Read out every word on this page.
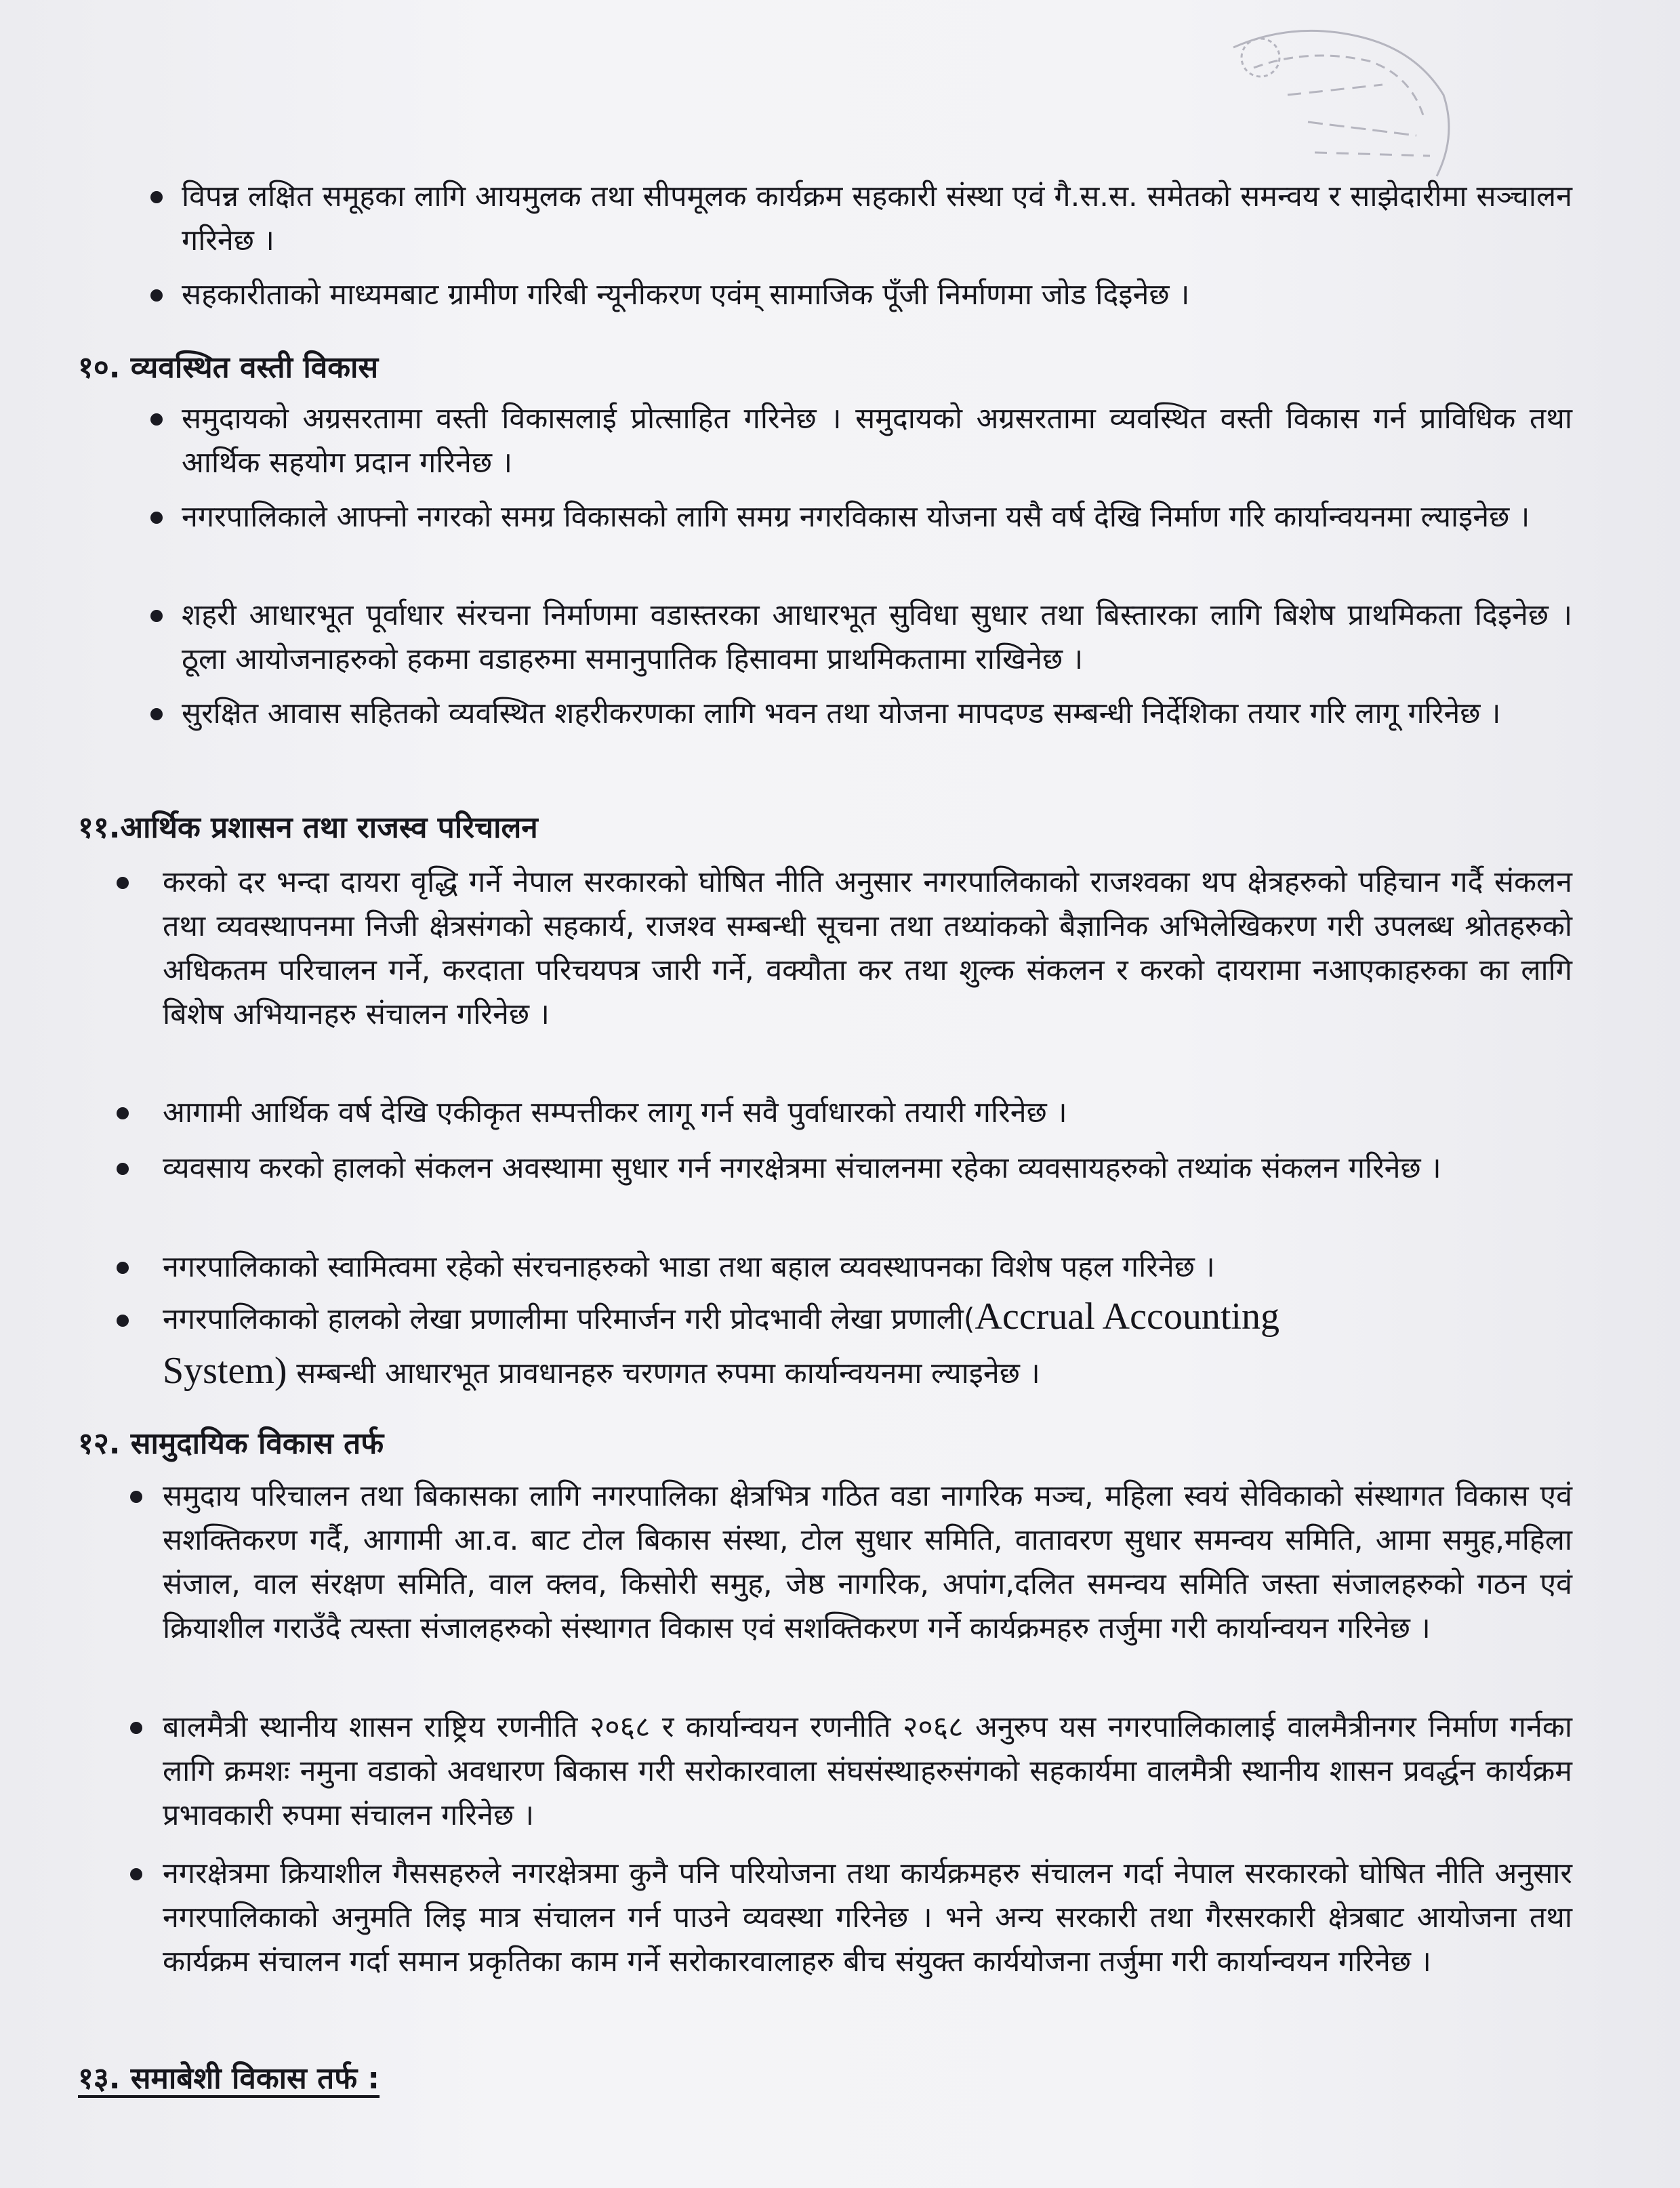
विपन्न लक्षित समूहका लागि आयमुलक तथा सीपमूलक कार्यक्रम सहकारी संस्था एवं गै.स.स. समेतको समन्वय र साझेदारीमा सञ्चालन गरिनेछ ।
सहकारीताको माध्यमबाट ग्रामीण गरिबी न्यूनीकरण एवंम् सामाजिक पूँजी निर्माणमा जोड दिइनेछ ।
१०. व्यवस्थित वस्ती विकास
समुदायको अग्रसरतामा वस्ती विकासलाई प्रोत्साहित गरिनेछ । समुदायको अग्रसरतामा व्यवस्थित वस्ती विकास गर्न प्राविधिक तथा आर्थिक सहयोग प्रदान गरिनेछ ।
नगरपालिकाले आफ्नो नगरको समग्र विकासको लागि समग्र नगरविकास योजना यसै वर्ष देखि निर्माण गरि कार्यान्वयनमा ल्याइनेछ ।
शहरी आधारभूत पूर्वाधार संरचना निर्माणमा वडास्तरका आधारभूत सुविधा सुधार तथा बिस्तारका लागि बिशेष प्राथमिकता दिइनेछ । ठूला आयोजनाहरुको हकमा वडाहरुमा समानुपातिक हिसावमा प्राथमिकतामा राखिनेछ ।
सुरक्षित आवास सहितको व्यवस्थित शहरीकरणका लागि भवन तथा योजना मापदण्ड सम्बन्धी निर्देशिका तयार गरि लागू गरिनेछ ।
११.आर्थिक प्रशासन तथा राजस्व परिचालन
करको दर भन्दा दायरा वृद्धि गर्ने नेपाल सरकारको घोषित नीति अनुसार नगरपालिकाको राजश्वका थप क्षेत्रहरुको पहिचान गर्दै संकलन तथा व्यवस्थापनमा निजी क्षेत्रसंगको सहकार्य, राजश्व सम्बन्धी सूचना तथा तथ्यांकको बैज्ञानिक अभिलेखिकरण गरी उपलब्ध श्रोतहरुको अधिकतम परिचालन गर्ने, करदाता परिचयपत्र जारी गर्ने, वक्यौता कर तथा शुल्क संकलन र करको दायरामा नआएकाहरुका का लागि बिशेष अभियानहरु संचालन गरिनेछ ।
आगामी आर्थिक वर्ष देखि एकीकृत सम्पत्तीकर लागू गर्न सवै पुर्वाधारको तयारी गरिनेछ ।
व्यवसाय करको हालको संकलन अवस्थामा सुधार गर्न नगरक्षेत्रमा संचालनमा रहेका व्यवसायहरुको तथ्यांक संकलन गरिनेछ ।
नगरपालिकाको स्वामित्वमा रहेको संरचनाहरुको भाडा तथा बहाल व्यवस्थापनका विशेष पहल गरिनेछ ।
नगरपालिकाको हालको लेखा प्रणालीमा परिमार्जन गरी प्रोदभावी लेखा प्रणाली(Accrual Accounting
System) सम्बन्धी आधारभूत प्रावधानहरु चरणगत रुपमा कार्यान्वयनमा ल्याइनेछ ।
१२. सामुदायिक विकास तर्फ
समुदाय परिचालन तथा बिकासका लागि नगरपालिका क्षेत्रभित्र गठित वडा नागरिक मञ्च, महिला स्वयं सेविकाको संस्थागत विकास एवं सशक्तिकरण गर्दै, आगामी आ.व. बाट टोल बिकास संस्था, टोल सुधार समिति, वातावरण सुधार समन्वय समिति, आमा समुह,महिला संजाल, वाल संरक्षण समिति, वाल क्लव, किसोरी समुह, जेष्ठ नागरिक, अपांग,दलित समन्वय समिति जस्ता संजालहरुको गठन एवं क्रियाशील गराउँदै त्यस्ता संजालहरुको संस्थागत विकास एवं सशक्तिकरण गर्ने कार्यक्रमहरु तर्जुमा गरी कार्यान्वयन गरिनेछ ।
बालमैत्री स्थानीय शासन राष्ट्रिय रणनीति २०६८ र कार्यान्वयन रणनीति २०६८ अनुरुप यस नगरपालिकालाई वालमैत्रीनगर निर्माण गर्नका लागि क्रमशः नमुना वडाको अवधारण बिकास गरी सरोकारवाला संघसंस्थाहरुसंगको सहकार्यमा वालमैत्री स्थानीय शासन प्रवर्द्धन कार्यक्रम प्रभावकारी रुपमा संचालन गरिनेछ ।
नगरक्षेत्रमा क्रियाशील गैससहरुले नगरक्षेत्रमा कुनै पनि परियोजना तथा कार्यक्रमहरु संचालन गर्दा नेपाल सरकारको घोषित नीति अनुसार नगरपालिकाको अनुमति लिइ मात्र संचालन गर्न पाउने व्यवस्था गरिनेछ । भने अन्य सरकारी तथा गैरसरकारी क्षेत्रबाट आयोजना तथा कार्यक्रम संचालन गर्दा समान प्रकृतिका काम गर्ने सरोकारवालाहरु बीच संयुक्त कार्ययोजना तर्जुमा गरी कार्यान्वयन गरिनेछ ।
१३. समाबेशी विकास तर्फ :
